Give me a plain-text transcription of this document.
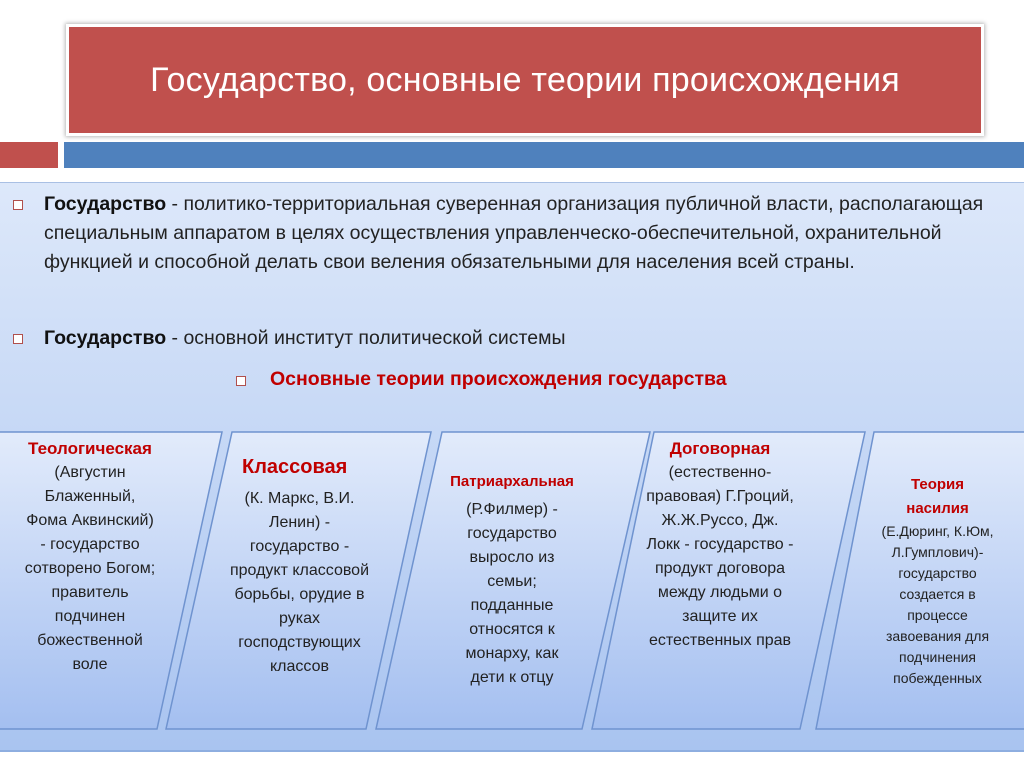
Государство, основные теории происхождения
Государство - политико-территориальная суверенная организация публичной власти, располагающая специальным аппаратом в целях осуществления управленческо-обеспечительной, охранительной функцией и способной делать свои веления обязательными для населения всей страны.
Государство - основной институт политической системы
Основные теории происхождения государства
Теологическая
(Августин Блаженный, Фома Аквинский) - государство сотворено Богом; правитель подчинен божественной воле
Классовая
(К. Маркс, В.И. Ленин) - государство - продукт классовой борьбы, орудие в руках господствующих классов
Патриархальная
(Р.Филмер) - государство выросло из семьи; подданные относятся к монарху, как дети к отцу
Договорная
(естественно-правовая) Г.Гроций, Ж.Ж.Руссо, Дж. Локк - государство - продукт договора между людьми о защите их естественных прав
Теория насилия
(Е.Дюринг, К.Юм, Л.Гумплович)- государство создается в процессе завоевания для подчинения побежденных
